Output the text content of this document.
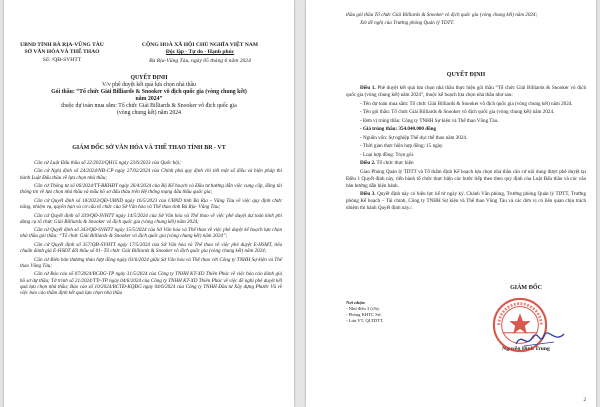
UBND TỈNH BÀ RỊA-VŨNG TÀU
SỞ VĂN HÓA VÀ THỂ THAO
Số: /QĐ-SVHTT
CỘNG HOÀ XÃ HỘI CHỦ NGHĨA VIỆT NAM
Độc lập - Tự do - Hạnh phúc
Bà Rịa-Vũng Tàu, ngày 05 tháng 6 năm 2024
QUYẾT ĐỊNH
V/v phê duyệt kết quả lựa chọn nhà thầu
Gói thầu: “Tổ chức Giải Billiards & Snooker vô địch quốc gia (vòng chung kết)
năm 2024”
thuộc dự toán mua sắm: Tổ chức Giải Billiards & Snooker vô địch quốc gia
(vòng chung kết) năm 2024
GIÁM ĐỐC SỞ VĂN HÓA VÀ THỂ THAO TỈNH BR - VT

Căn cứ Luật Đấu thầu số 22/2023/QH15 ngày 23/6/2023 của Quốc hội;

Căn cứ Nghị định số 24/2024/NĐ-CP ngày 27/02/2024 của Chính phủ quy định chi tiết một số điều và biện pháp thi hành Luật Đấu thầu về lựa chọn nhà thầu;

Căn cứ Thông tư số 06/2024/TT-BKHĐT ngày 26/4/2024 của Bộ Kế hoạch và Đầu tư hướng dẫn việc cung cấp, đăng tải thông tin về lựa chọn nhà thầu và mẫu hồ sơ đấu thầu trên Hệ thống mạng đấu thầu quốc gia;

Căn cứ Quyết định số 18/2023/QĐ-UBND ngày 16/5/2023 của UBND tỉnh Bà Rịa – Vũng Tàu về việc quy định chức năng, nhiệm vụ, quyền hạn và cơ cấu tổ chức của Sở Văn hóa và Thể thao tỉnh Bà Rịa- Vũng Tàu;

Căn cứ Quyết định số 339/QĐ-SVHTT ngày 14/5/2024 của Sở Văn hóa và Thể thao về việc phê duyệt dự toán kinh phí dùng cụ tổ chức Giải Billiards & Snooker vô địch quốc gia (vòng chung kết) năm 2024;

Căn cứ Quyết định số 343/QĐ-SVHTT ngày 15/5/2024 của Sở Văn hóa và Thể thao về việc phê duyệt kế hoạch lựa chọn nhà thầu gói thầu: “Tổ chức Giải Billiards & Snooker vô địch quốc gia (vòng chung kết) năm 2024”;

Căn cứ Quyết định số 357/QĐ-SVHTT ngày 17/5/2024 của Sở Văn hóa và Thể thao về việc phê duyệt E-HSMT, tiêu chuẩn đánh giá E-HSĐT đối thầu số 01- Tổ chức Giải Billiards & Snooker vô địch quốc gia (vòng chung kết) năm 2024;

Căn cứ Biên bản thương thảo hợp đồng ngày 03/6/2024 giữa Sở Văn hóa và Thể thao với Công ty TNHH Sự kiện và Thể thao Vũng Tàu;

Căn cứ Báo cáo số 07/2024/BCĐG-TP ngày 31/5/2024 của Công ty TNHH KT-XD Thiên Phúc về việc báo cáo đánh giá hồ sơ dự thầu; Tờ trình số 21/2024/TTr-TP ngày 04/6/2024 của Công ty TNHH KT-XD Thiên Phúc về việc đề nghị phê duyệt kết quả lựa chọn nhà thầu; Báo cáo số 10/2024/BCTĐ-KQĐG ngày 04/6/2024 của Công ty TNHH Đầu tư Xây dựng Phước Vũ về việc báo cáo thẩm định kết quả lựa chọn nhà thầu

thầu gói thầu Tổ chức Giải Billiards & Snooker vô địch quốc gia (vòng chung kết) năm 2024;

Xét đề nghị của Trưởng phòng Quản lý TDTT.

QUYẾT ĐỊNH

Điều 1. Phê duyệt kết quả lựa chọn nhà thầu thực hiện gói thầu “Tổ chức Giải Billiards & Snooker vô địch quốc gia (vòng chung kết) năm 2024”, thuộc kế hoạch lựa chọn nhà thầu như sau:

- Tên dự toán mua sắm: Tổ chức Giải Billiards & Snooker vô địch quốc gia (vòng chung kết) năm 2024.

- Tên gói thầu: Tổ chức Giải Billiards & Snooker vô địch quốc gia (vòng chung kết) năm 2024.

- Đơn vị trúng thầu: Công ty TNHH Sự kiện và Thể thao Vũng Tàu.

- Giá trúng thầu: 354.040.000 đồng

- Nguồn vốn: Sự nghiệp Thể dục thể thao năm 2024.

- Thời gian thực hiện hợp đồng: 15 ngày.

- Loại hợp đồng: Trọn gói.

Điều 2. Tổ chức thực hiện

Giao Phòng Quản lý TDTT và Tổ thẩm định Kế hoạch lựa chọn nhà thầu căn cứ nội dung được phê duyệt tại Điều 1 Quyết định này, tiến hành tổ chức thực hiện các bước tiếp theo theo quy định của Luật Đấu thầu và các văn bản hướng dẫn hiện hành.

Điều 3. Quyết định này có hiệu lực kể từ ngày ký. Chánh Văn phòng, Trưởng phòng Quản lý TDTT, Trưởng phòng Kế hoạch – Tài chính, Công ty TNHH Sự kiện và Thể thao Vũng Tàu và các đơn vị có liên quan chịu trách nhiệm thi hành Quyết định này./.

Nơi nhận:
- Như điều 3 (t/h);
- Phòng KHTC Sở;
- Lưu VT, QLTDTT.
GIÁM ĐỐC
Nguyễn Đình Trung
2
